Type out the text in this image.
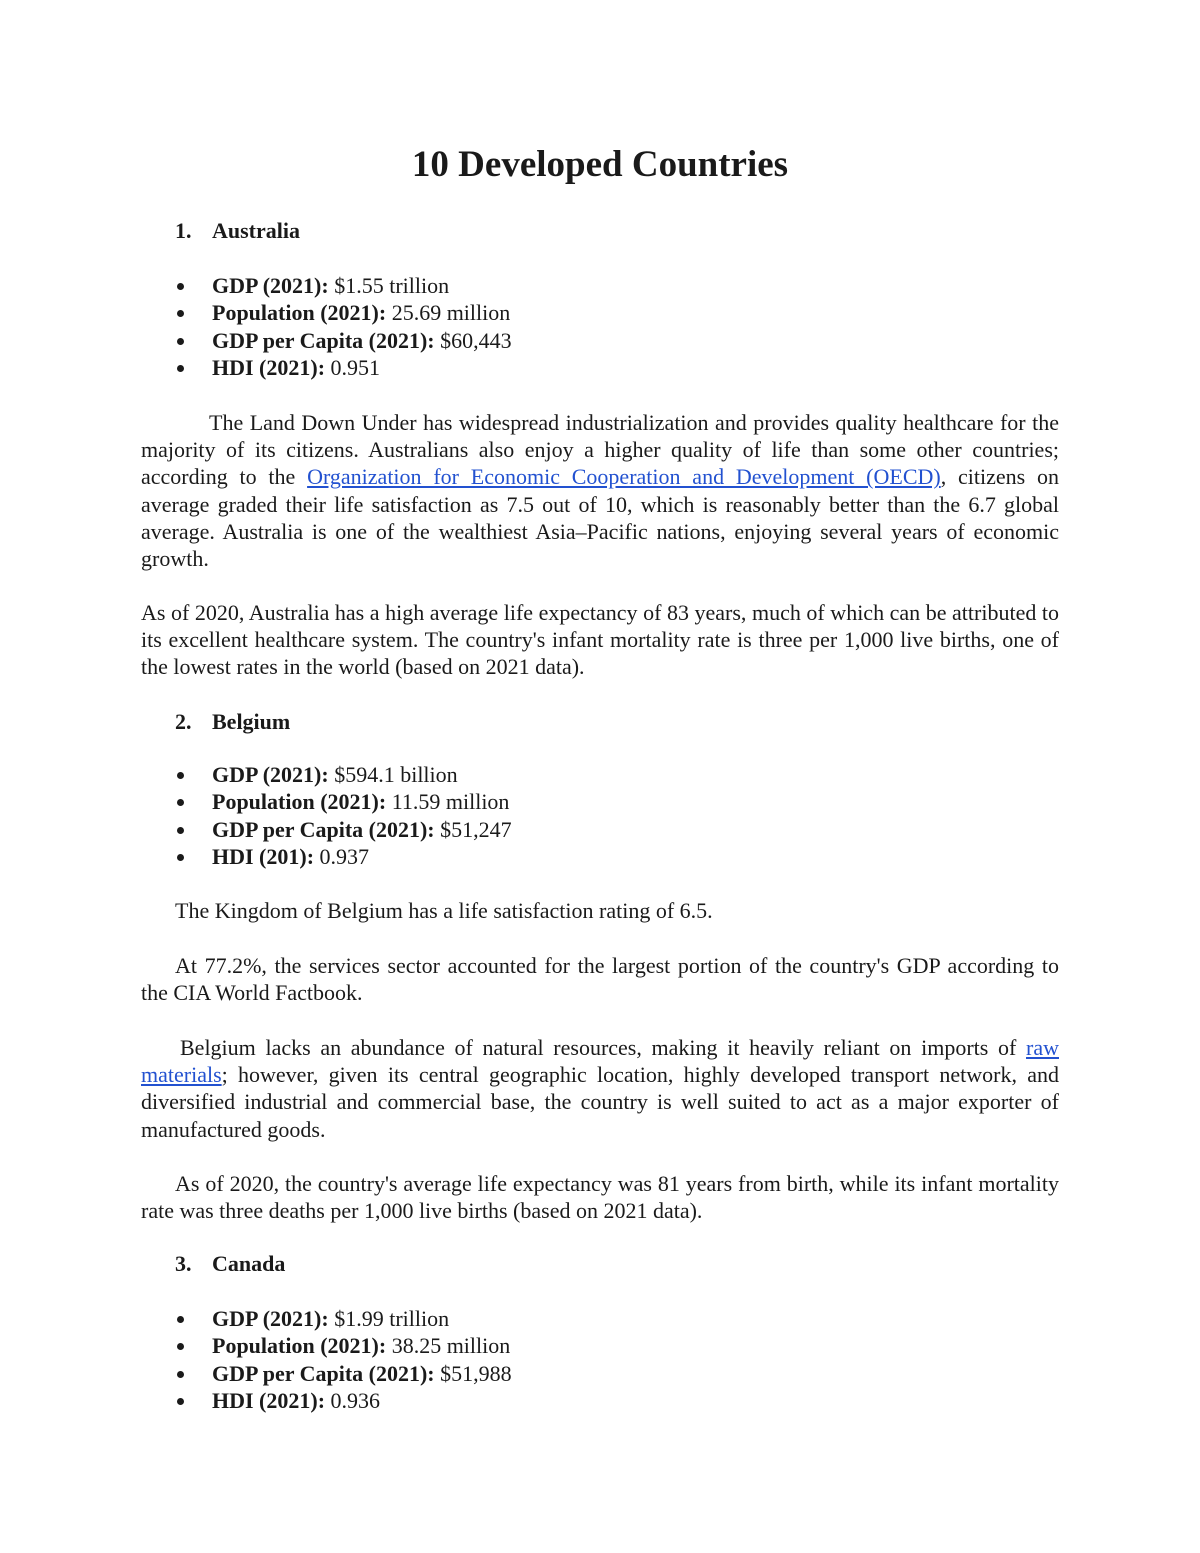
10 Developed Countries
1. Australia
GDP (2021): $1.55 trillion
Population (2021): 25.69 million
GDP per Capita (2021): $60,443
HDI (2021): 0.951

The Land Down Under has widespread industrialization and provides quality healthcare for the majority of its citizens. Australians also enjoy a higher quality of life than some other countries; according to the Organization for Economic Cooperation and Development (OECD), citizens on average graded their life satisfaction as 7.5 out of 10, which is reasonably better than the 6.7 global average. Australia is one of the wealthiest Asia–Pacific nations, enjoying several years of economic growth.

As of 2020, Australia has a high average life expectancy of 83 years, much of which can be attributed to its excellent healthcare system. The country's infant mortality rate is three per 1,000 live births, one of the lowest rates in the world (based on 2021 data).

2. Belgium
GDP (2021): $594.1 billion
Population (2021): 11.59 million
GDP per Capita (2021): $51,247
HDI (201): 0.937

The Kingdom of Belgium has a life satisfaction rating of 6.5.

At 77.2%, the services sector accounted for the largest portion of the country's GDP according to the CIA World Factbook.

Belgium lacks an abundance of natural resources, making it heavily reliant on imports of raw materials; however, given its central geographic location, highly developed transport network, and diversified industrial and commercial base, the country is well suited to act as a major exporter of manufactured goods.

As of 2020, the country's average life expectancy was 81 years from birth, while its infant mortality rate was three deaths per 1,000 live births (based on 2021 data).

3. Canada
GDP (2021): $1.99 trillion
Population (2021): 38.25 million
GDP per Capita (2021): $51,988
HDI (2021): 0.936
